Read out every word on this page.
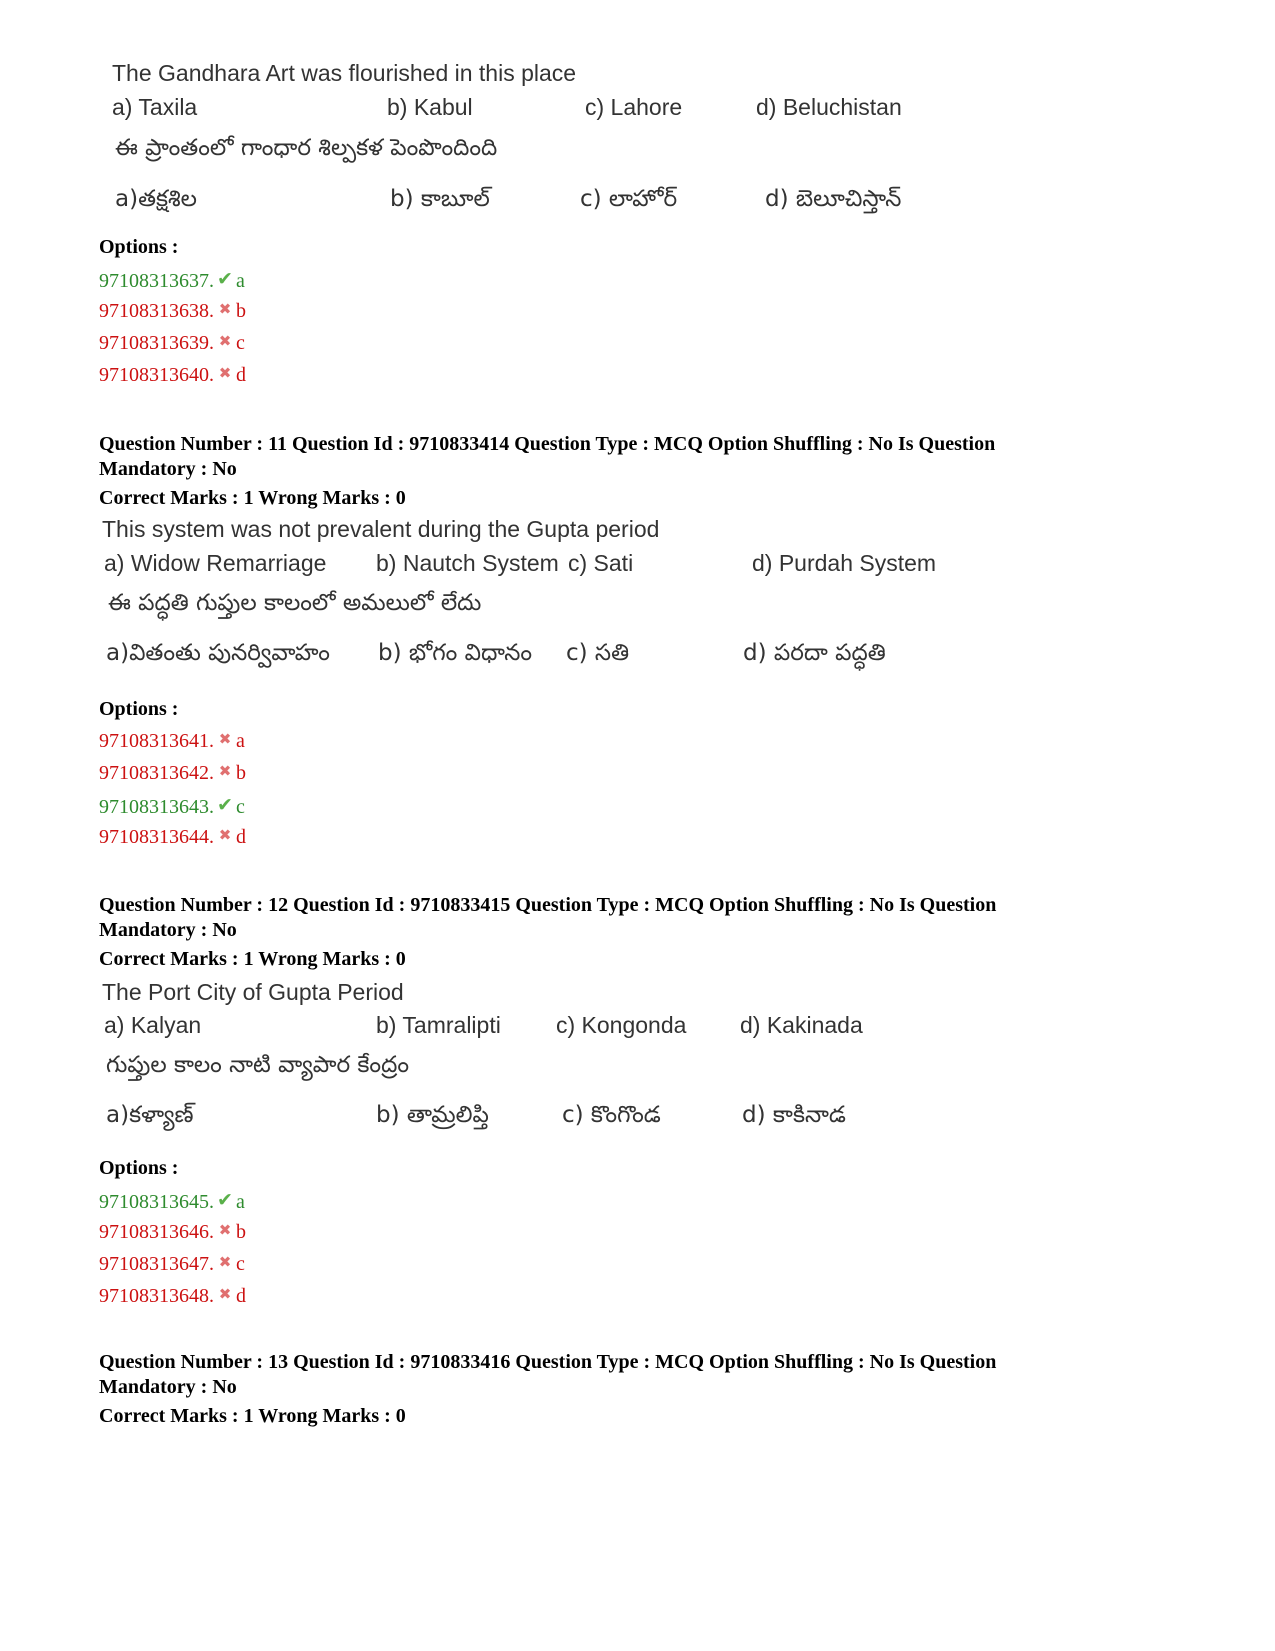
The Gandhara Art was flourished in this place
a) Taxila	b) Kabul	c) Lahore	d) Beluchistan
ఈ ప్రాంతంలో గాంధార శిల్పకళ పెంపొందింది
a)తక్షశిల	b) కాబూల్	c) లాహోర్	d) బెలూచిస్తాన్
Options :
97108313637. ✔ a
97108313638. ✖ b
97108313639. ✖ c
97108313640. ✖ d
Question Number : 11 Question Id : 9710833414 Question Type : MCQ Option Shuffling : No Is Question
Mandatory : No
Correct Marks : 1 Wrong Marks : 0
This system was not prevalent during the Gupta period
a) Widow Remarriage b) Nautch System c) Sati	d) Purdah System
ఈ పద్ధతి గుప్తుల కాలంలో అమలులో లేదు
a)వితంతు పునర్వివాహం b) భోగం విధానం c) సతి	d) పరదా పద్ధతి
Options :
97108313641. ✖ a
97108313642. ✖ b
97108313643. ✔ c
97108313644. ✖ d
Question Number : 12 Question Id : 9710833415 Question Type : MCQ Option Shuffling : No Is Question
Mandatory : No
Correct Marks : 1 Wrong Marks : 0
The Port City of Gupta Period
a) Kalyan	b) Tamralipti c) Kongonda d) Kakinada
గుప్తుల కాలం నాటి వ్యాపార కేంద్రం
a)కళ్యాణ్	b) తామ్రలిప్తి	c) కొంగొండ	d) కాకినాడ
Options :
97108313645. ✔ a
97108313646. ✖ b
97108313647. ✖ c
97108313648. ✖ d
Question Number : 13 Question Id : 9710833416 Question Type : MCQ Option Shuffling : No Is Question
Mandatory : No
Correct Marks : 1 Wrong Marks : 0
